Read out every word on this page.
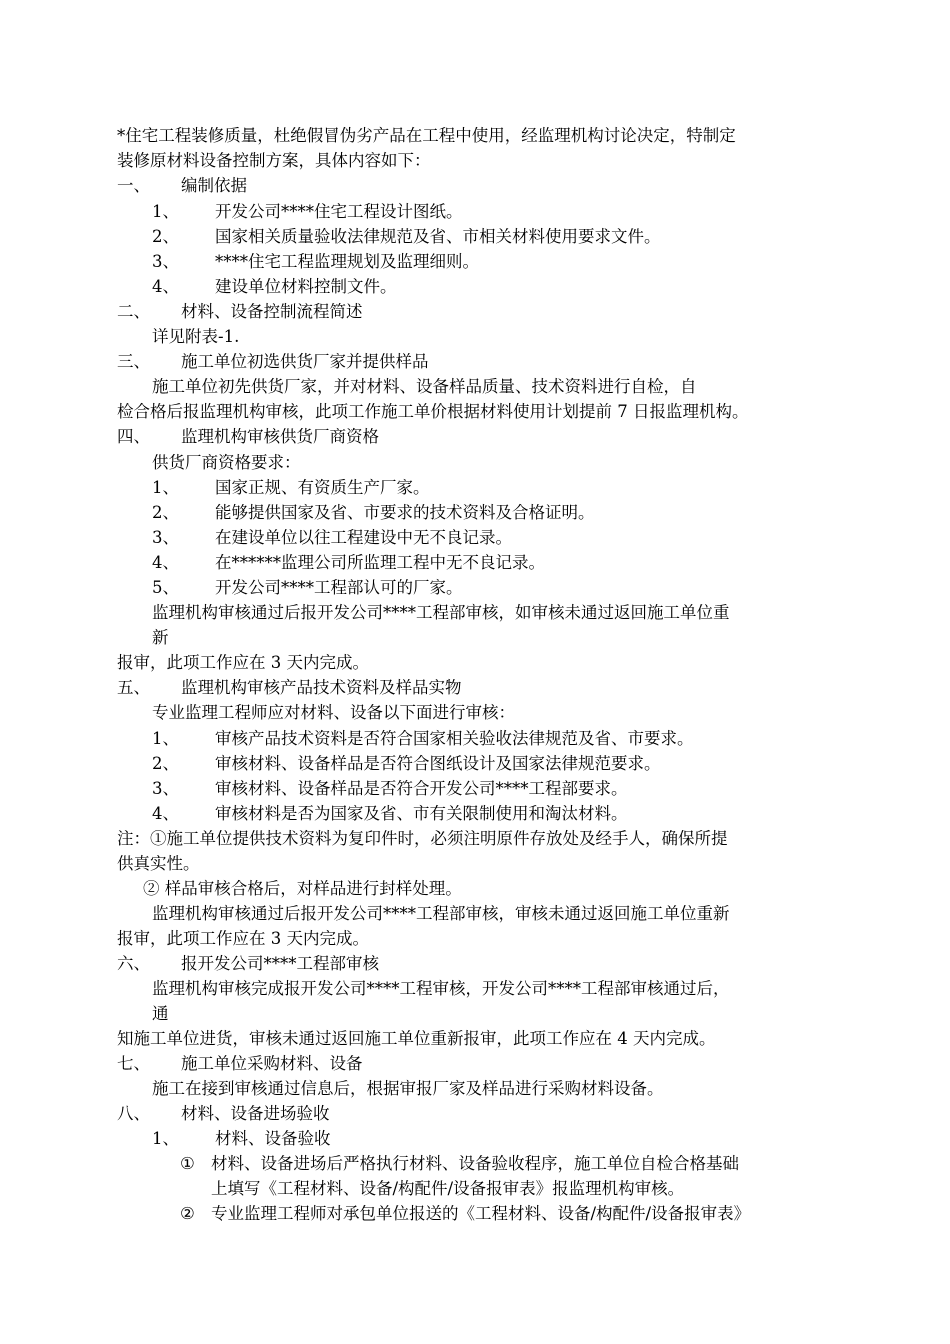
*住宅工程装修质量，杜绝假冒伪劣产品在工程中使用，经监理机构讨论决定，特制定
装修原材料设备控制方案，具体内容如下：
一、 编制依据
1、 开发公司****住宅工程设计图纸。
2、 国家相关质量验收法律规范及省、市相关材料使用要求文件。
3、 ****住宅工程监理规划及监理细则。
4、 建设单位材料控制文件。
二、 材料、设备控制流程简述
详见附表-1.
三、 施工单位初选供货厂家并提供样品
施工单位初先供货厂家，并对材料、设备样品质量、技术资料进行自检，自
检合格后报监理机构审核，此项工作施工单价根据材料使用计划提前 7 日报监理机构。
四、 监理机构审核供货厂商资格
供货厂商资格要求：
1、 国家正规、有资质生产厂家。
2、 能够提供国家及省、市要求的技术资料及合格证明。
3、 在建设单位以往工程建设中无不良记录。
4、 在******监理公司所监理工程中无不良记录。
5、 开发公司****工程部认可的厂家。
监理机构审核通过后报开发公司****工程部审核，如审核未通过返回施工单位重
新
报审，此项工作应在 3 天内完成。
五、 监理机构审核产品技术资料及样品实物
专业监理工程师应对材料、设备以下面进行审核：
1、 审核产品技术资料是否符合国家相关验收法律规范及省、市要求。
2、 审核材料、设备样品是否符合图纸设计及国家法律规范要求。
3、 审核材料、设备样品是否符合开发公司****工程部要求。
4、 审核材料是否为国家及省、市有关限制使用和淘汰材料。
注：①施工单位提供技术资料为复印件时，必须注明原件存放处及经手人，确保所提
供真实性。
② 样品审核合格后，对样品进行封样处理。
监理机构审核通过后报开发公司****工程部审核，审核未通过返回施工单位重新
报审，此项工作应在 3 天内完成。
六、 报开发公司****工程部审核
监理机构审核完成报开发公司****工程审核，开发公司****工程部审核通过后，
通
知施工单位进货，审核未通过返回施工单位重新报审，此项工作应在 4 天内完成。
七、 施工单位采购材料、设备
施工在接到审核通过信息后，根据审报厂家及样品进行采购材料设备。
八、 材料、设备进场验收
1、 材料、设备验收
① 材料、设备进场后严格执行材料、设备验收程序，施工单位自检合格基础
上填写《工程材料、设备/构配件/设备报审表》报监理机构审核。
② 专业监理工程师对承包单位报送的《工程材料、设备/构配件/设备报审表》
